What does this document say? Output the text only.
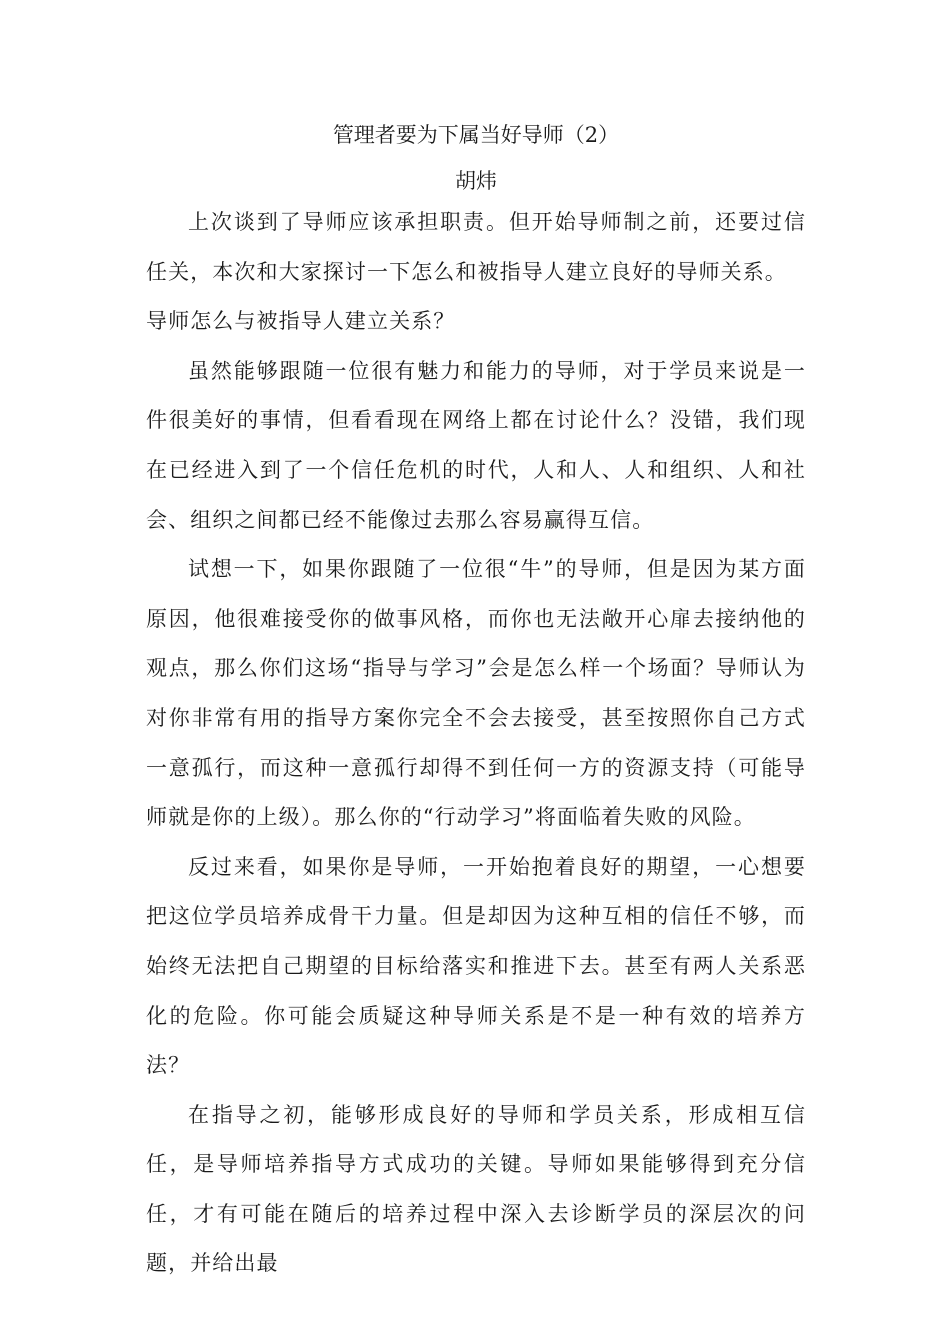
管理者要为下属当好导师（2）
胡炜

上次谈到了导师应该承担职责。但开始导师制之前，还要过信任关，本次和大家探讨一下怎么和被指导人建立良好的导师关系。

导师怎么与被指导人建立关系？

虽然能够跟随一位很有魅力和能力的导师，对于学员来说是一件很美好的事情，但看看现在网络上都在讨论什么？没错，我们现在已经进入到了一个信任危机的时代，人和人、人和组织、人和社会、组织之间都已经不能像过去那么容易赢得互信。

试想一下，如果你跟随了一位很“牛”的导师，但是因为某方面原因，他很难接受你的做事风格，而你也无法敞开心扉去接纳他的观点，那么你们这场“指导与学习”会是怎么样一个场面？导师认为对你非常有用的指导方案你完全不会去接受，甚至按照你自己方式一意孤行，而这种一意孤行却得不到任何一方的资源支持（可能导师就是你的上级）。那么你的“行动学习”将面临着失败的风险。

反过来看，如果你是导师，一开始抱着良好的期望，一心想要把这位学员培养成骨干力量。但是却因为这种互相的信任不够，而始终无法把自己期望的目标给落实和推进下去。甚至有两人关系恶化的危险。你可能会质疑这种导师关系是不是一种有效的培养方法？

在指导之初，能够形成良好的导师和学员关系，形成相互信任，是导师培养指导方式成功的关键。导师如果能够得到充分信任，才有可能在随后的培养过程中深入去诊断学员的深层次的问题，并给出最
